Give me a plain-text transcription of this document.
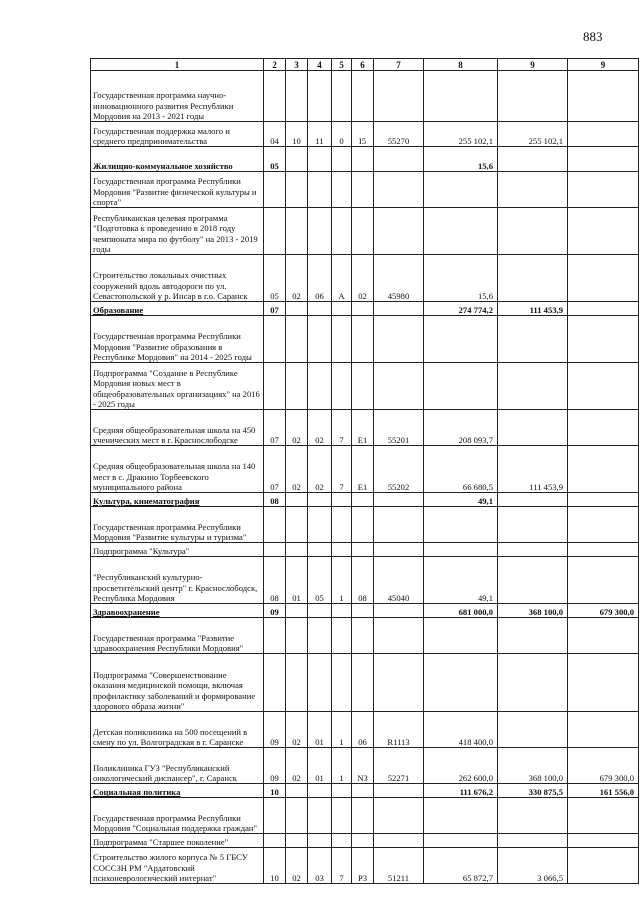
883
1	2	3	4	5	6	7	8	9	9
Государственная программа научно-инновационного развития Республики Мордовия на 2013 - 2021 годы									
Государственная поддержка малого и среднего предпринимательства	04	10	11	0	I5	55270	255 102,1	255 102,1	
Жилищно-коммунальное хозяйство	05						15,6		
Государственная программа Республики Мордовия "Развитие физической культуры и спорта"									
Республиканская целевая программа "Подготовка к проведению в 2018 году чемпионата мира по футболу" на 2013 - 2019 годы									
Строительство локальных очистных сооружений вдоль автодороги по ул. Севастопольской у р. Инсар в г.о. Саранск	05	02	06	А	02	45980	15,6		
Образование	07						274 774,2	111 453,9	
Государственная программа Республики Мордовия "Развитие образования в Республике Мордовия" на 2014 - 2025 годы									
Подпрограмма "Создание в Республике Мордовия новых мест в общеобразовательных организациях" на 2016 - 2025 годы									
Средняя общеобразовательная школа на 450 ученических мест в г. Краснослободске	07	02	02	7	E1	55201	208 093,7		
Средняя общеобразовательная школа на 140 мест в с. Дракино Торбеевского муниципального района	07	02	02	7	E1	55202	66 680,5	111 453,9	
Культура, кинематография	08						49,1		
Государственная программа Республики Мордовия "Развитие культуры и туризма"									
Подпрограмма "Культура"									
"Республиканский культурно-просветительский центр" г. Краснослободск, Республика Мордовия	08	01	05	1	08	45040	49,1		
Здравоохранение	09						681 000,0	368 100,0	679 300,0
Государственная программа "Развитие здравоохранения Республики Мордовия"									
Подпрограмма "Совершенствование оказания медицинской помощи, включая профилактику заболеваний и формирование здорового образа жизни"									
Детская поликлиника на 500 посещений в смену по ул. Волгоградская в г. Саранске	09	02	01	1	06	R1113	418 400,0		
Поликлиника ГУЗ "Республиканский онкологический диспансер", г. Саранск	09	02	01	1	N3	52271	262 600,0	368 100,0	679 300,0
Социальная политика	10						111 676,2	330 875,5	161 556,0
Государственная программа Республики Мордовия "Социальная поддержка граждан"									
Подпрограмма "Старшее поколение"									
Строительство жилого корпуса № 5 ГБСУ СОССЗН РМ "Ардатовский психоневрологический интернат"	10	02	03	7	P3	51211	65 872,7	3 066,5	
